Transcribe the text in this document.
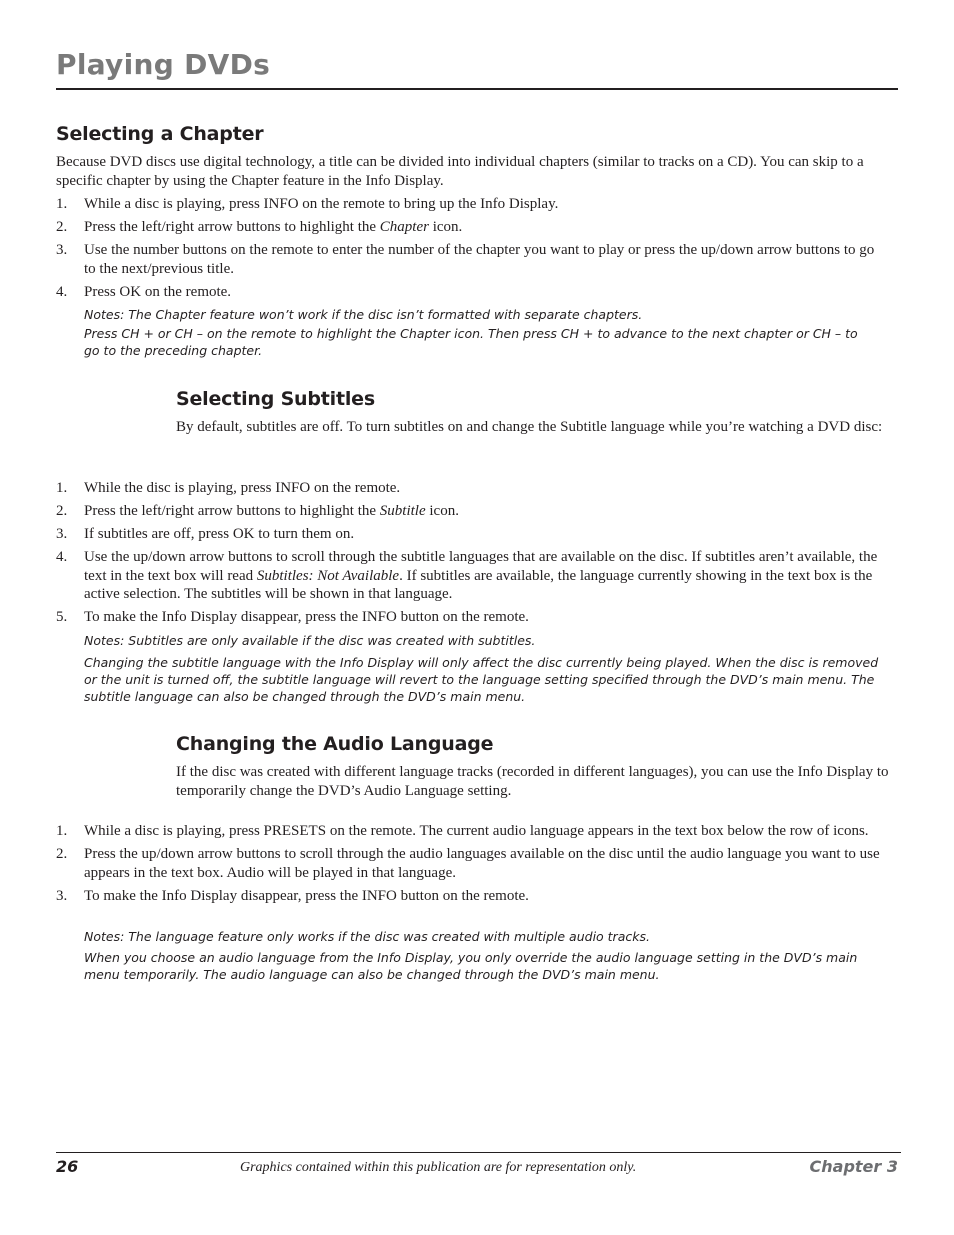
Playing DVDs
Selecting a Chapter

Because DVD discs use digital technology, a title can be divided into individual chapters (similar to tracks on a CD). You can skip to a specific chapter by using the Chapter feature in the Info Display.

1. While a disc is playing, press INFO on the remote to bring up the Info Display.
2. Press the left/right arrow buttons to highlight the Chapter icon.
3. Use the number buttons on the remote to enter the number of the chapter you want to play or press the up/down arrow buttons to go to the next/previous title.
4. Press OK on the remote.

Notes: The Chapter feature won’t work if the disc isn’t formatted with separate chapters.

Press CH + or CH – on the remote to highlight the Chapter icon. Then press CH + to advance to the next chapter or CH – to go to the preceding chapter.

Selecting Subtitles

By default, subtitles are off. To turn subtitles on and change the Subtitle language while you’re watching a DVD disc:

1. While the disc is playing, press INFO on the remote.
2. Press the left/right arrow buttons to highlight the Subtitle icon.
3. If subtitles are off, press OK to turn them on.
4. Use the up/down arrow buttons to scroll through the subtitle languages that are available on the disc. If subtitles aren’t available, the text in the text box will read Subtitles: Not Available. If subtitles are available, the language currently showing in the text box is the active selection. The subtitles will be shown in that language.
5. To make the Info Display disappear, press the INFO button on the remote.

Notes: Subtitles are only available if the disc was created with subtitles.

Changing the subtitle language with the Info Display will only affect the disc currently being played. When the disc is removed or the unit is turned off, the subtitle language will revert to the language setting specified through the DVD’s main menu. The subtitle language can also be changed through the DVD’s main menu.

Changing the Audio Language

If the disc was created with different language tracks (recorded in different languages), you can use the Info Display to temporarily change the DVD’s Audio Language setting.

1. While a disc is playing, press PRESETS on the remote. The current audio language appears in the text box below the row of icons.
2. Press the up/down arrow buttons to scroll through the audio languages available on the disc until the audio language you want to use appears in the text box. Audio will be played in that language.
3. To make the Info Display disappear, press the INFO button on the remote.

Notes: The language feature only works if the disc was created with multiple audio tracks.

When you choose an audio language from the Info Display, you only override the audio language setting in the DVD’s main menu temporarily. The audio language can also be changed through the DVD’s main menu.

26	Graphics contained within this publication are for representation only.	Chapter 3
